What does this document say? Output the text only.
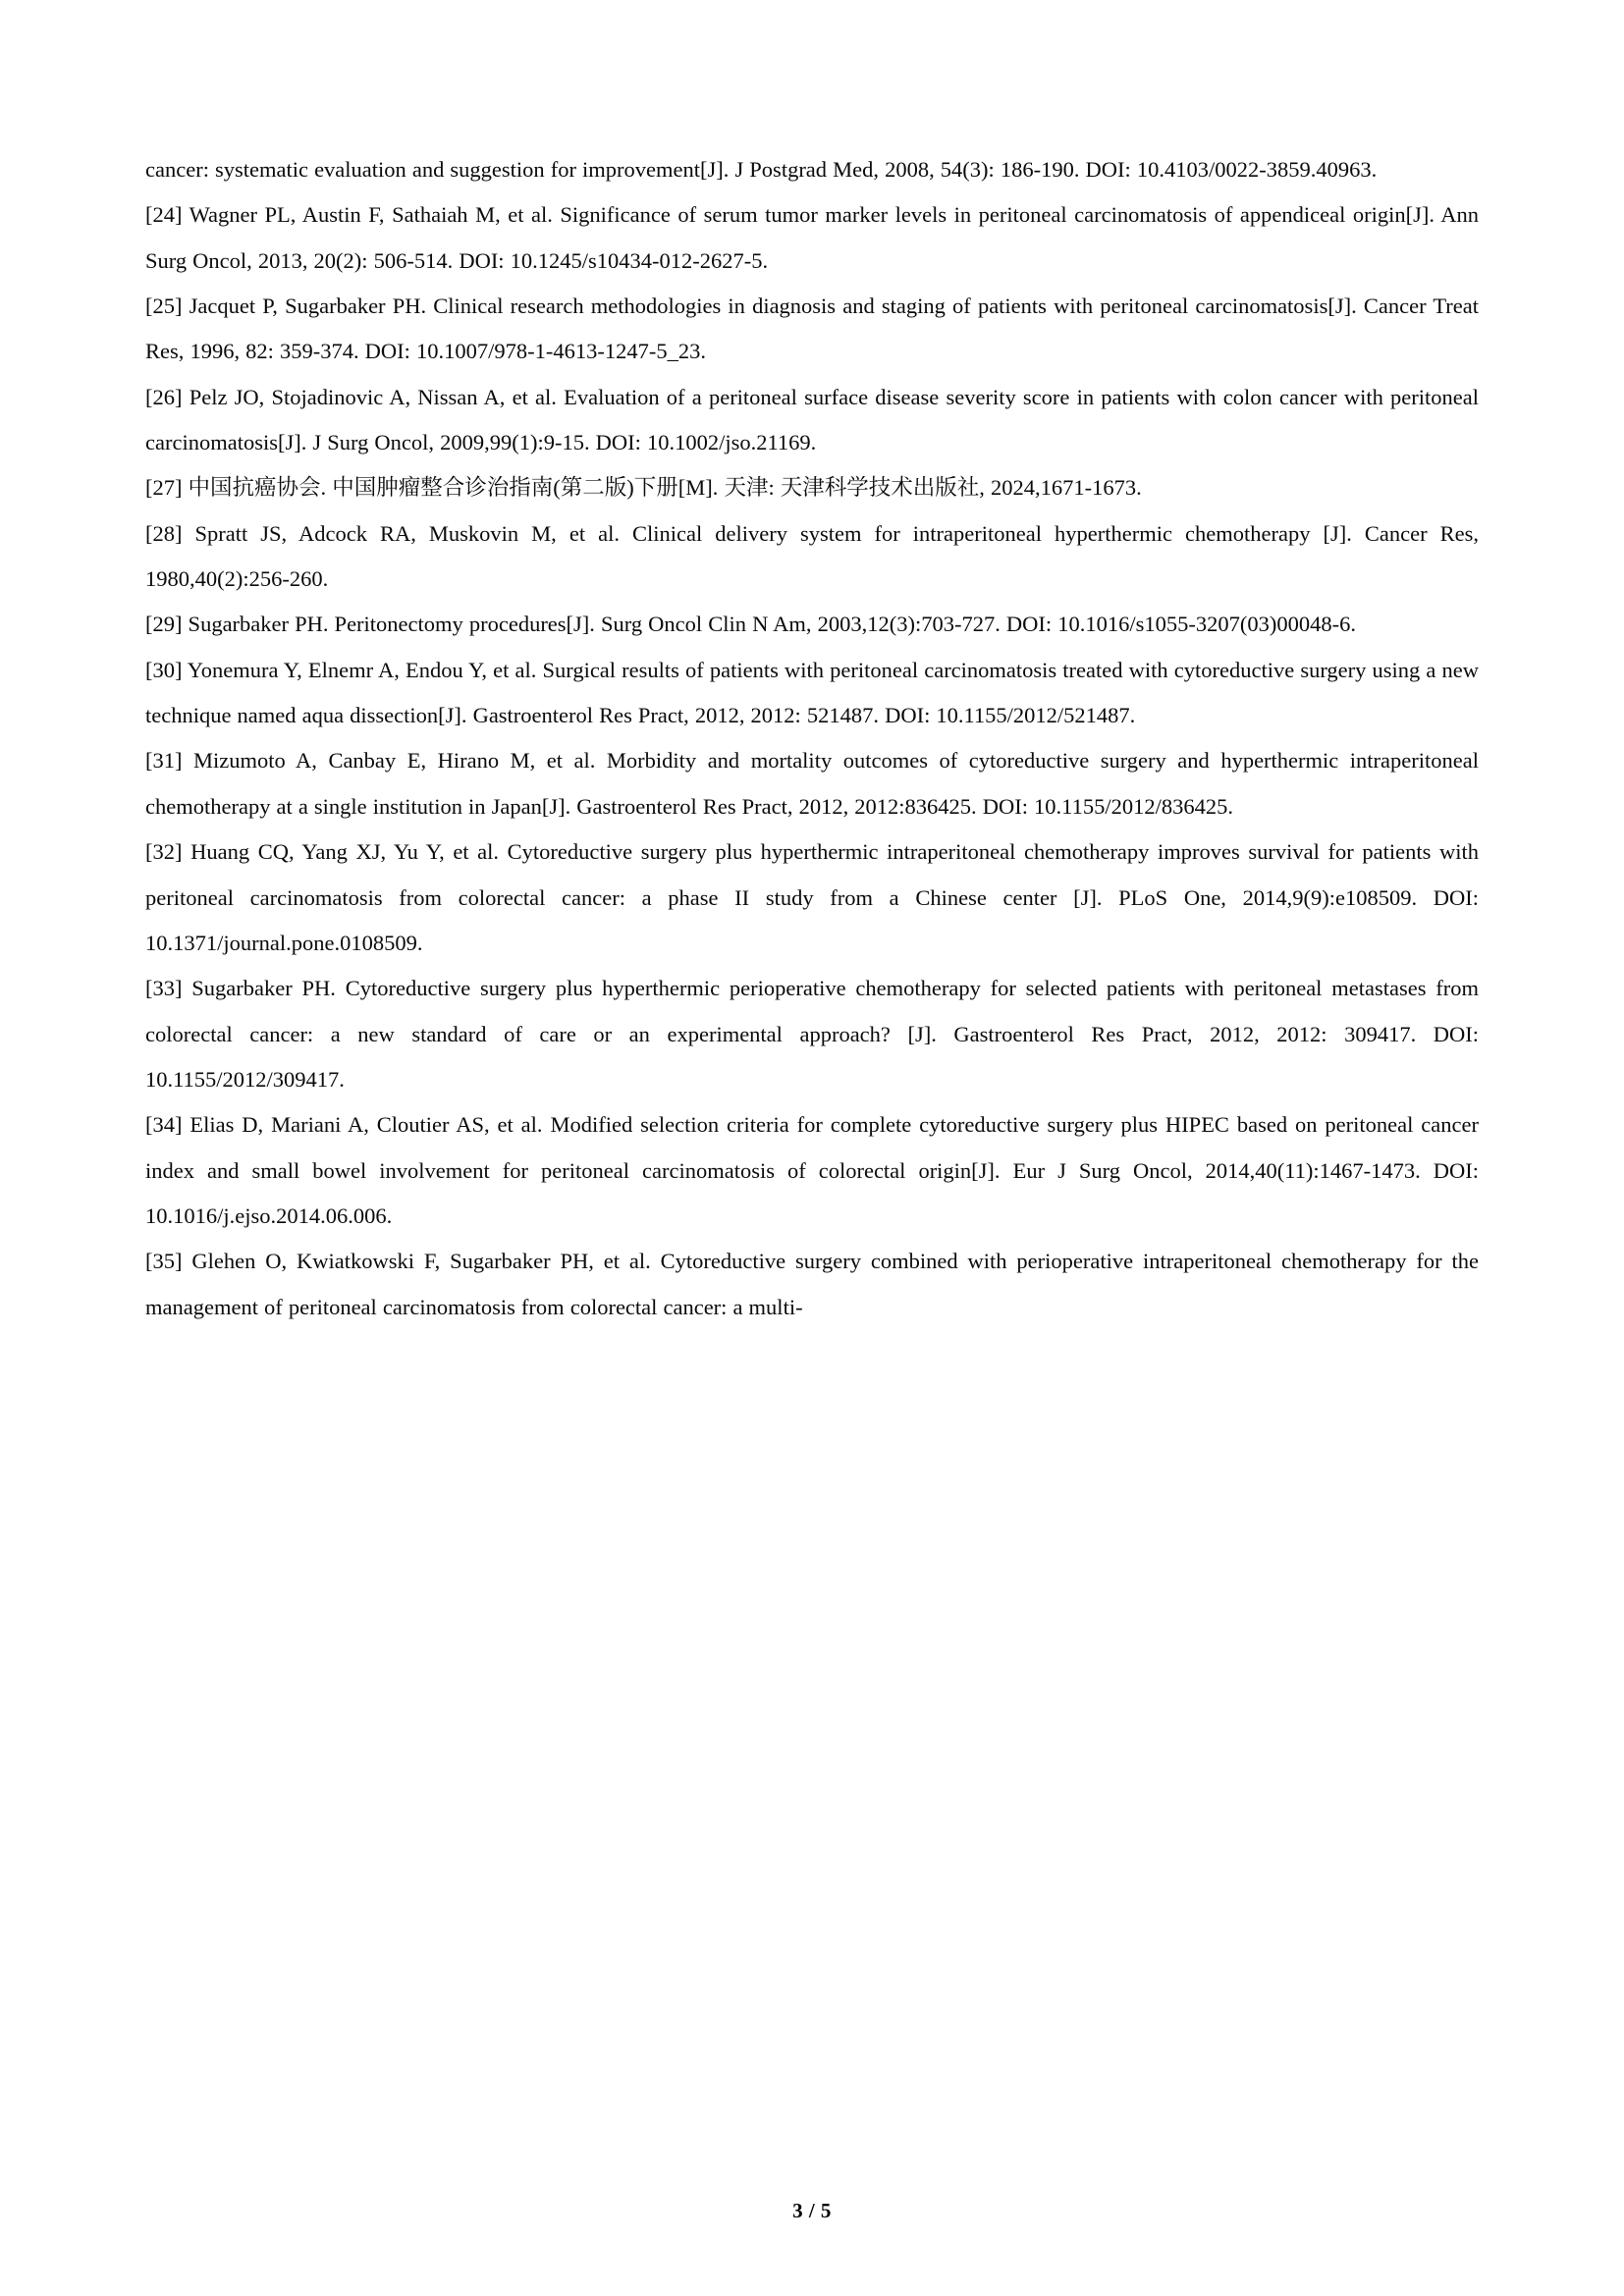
cancer: systematic evaluation and suggestion for improvement[J]. J Postgrad Med, 2008, 54(3): 186-190. DOI: 10.4103/0022-3859.40963.

[24] Wagner PL, Austin F, Sathaiah M, et al. Significance of serum tumor marker levels in peritoneal carcinomatosis of appendiceal origin[J]. Ann Surg Oncol, 2013, 20(2): 506-514. DOI: 10.1245/s10434-012-2627-5.

[25] Jacquet P, Sugarbaker PH. Clinical research methodologies in diagnosis and staging of patients with peritoneal carcinomatosis[J]. Cancer Treat Res, 1996, 82: 359-374. DOI: 10.1007/978-1-4613-1247-5_23.

[26] Pelz JO, Stojadinovic A, Nissan A, et al. Evaluation of a peritoneal surface disease severity score in patients with colon cancer with peritoneal carcinomatosis[J]. J Surg Oncol, 2009,99(1):9-15. DOI: 10.1002/jso.21169.

[27] 中国抗癌协会. 中国肿瘤整合诊治指南(第二版)下册[M]. 天津: 天津科学技术出版社, 2024,1671-1673.

[28] Spratt JS, Adcock RA, Muskovin M, et al. Clinical delivery system for intraperitoneal hyperthermic chemotherapy [J]. Cancer Res, 1980,40(2):256-260.

[29] Sugarbaker PH. Peritonectomy procedures[J]. Surg Oncol Clin N Am, 2003,12(3):703-727. DOI: 10.1016/s1055-3207(03)00048-6.

[30] Yonemura Y, Elnemr A, Endou Y, et al. Surgical results of patients with peritoneal carcinomatosis treated with cytoreductive surgery using a new technique named aqua dissection[J]. Gastroenterol Res Pract, 2012, 2012: 521487. DOI: 10.1155/2012/521487.

[31] Mizumoto A, Canbay E, Hirano M, et al. Morbidity and mortality outcomes of cytoreductive surgery and hyperthermic intraperitoneal chemotherapy at a single institution in Japan[J]. Gastroenterol Res Pract, 2012, 2012:836425. DOI: 10.1155/2012/836425.

[32] Huang CQ, Yang XJ, Yu Y, et al. Cytoreductive surgery plus hyperthermic intraperitoneal chemotherapy improves survival for patients with peritoneal carcinomatosis from colorectal cancer: a phase II study from a Chinese center [J]. PLoS One, 2014,9(9):e108509. DOI: 10.1371/journal.pone.0108509.

[33] Sugarbaker PH. Cytoreductive surgery plus hyperthermic perioperative chemotherapy for selected patients with peritoneal metastases from colorectal cancer: a new standard of care or an experimental approach? [J]. Gastroenterol Res Pract, 2012, 2012: 309417. DOI: 10.1155/2012/309417.

[34] Elias D, Mariani A, Cloutier AS, et al. Modified selection criteria for complete cytoreductive surgery plus HIPEC based on peritoneal cancer index and small bowel involvement for peritoneal carcinomatosis of colorectal origin[J]. Eur J Surg Oncol, 2014,40(11):1467-1473. DOI: 10.1016/j.ejso.2014.06.006.

[35] Glehen O, Kwiatkowski F, Sugarbaker PH, et al. Cytoreductive surgery combined with perioperative intraperitoneal chemotherapy for the management of peritoneal carcinomatosis from colorectal cancer: a multi-

3 / 5
